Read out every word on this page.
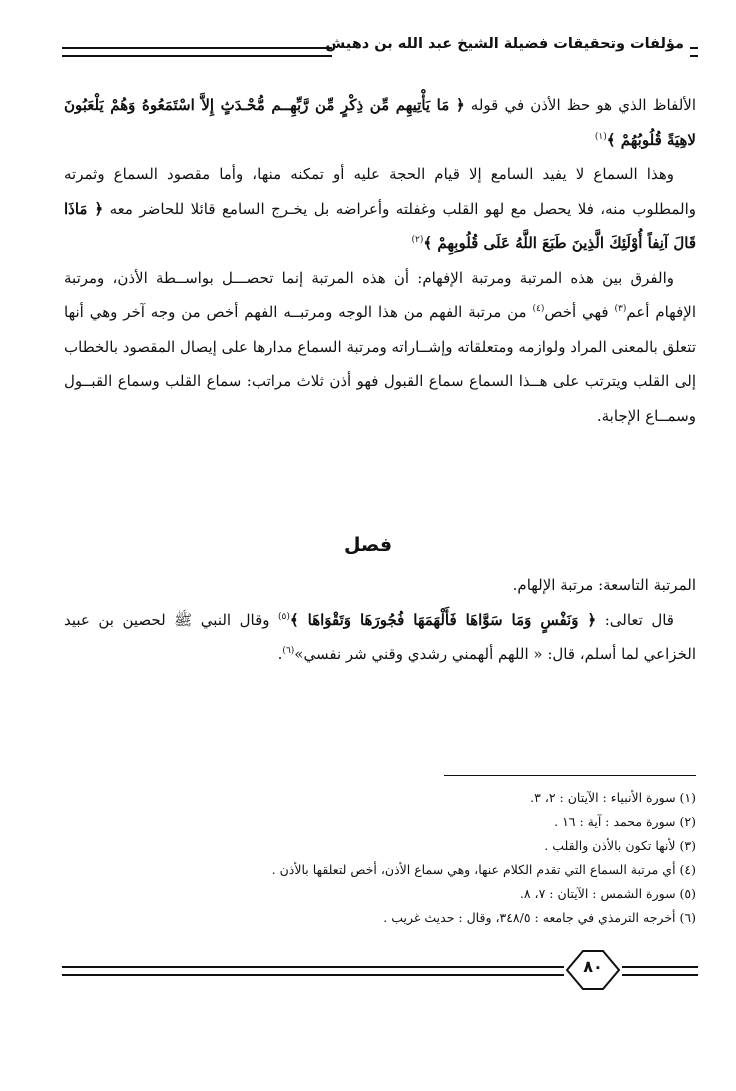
مؤلفات وتحقيقات فضيلة الشيخ عبد الله بن دهيش

الألفاظ الذي هو حظ الأذن في قوله ﴿ مَا يَأْتِيهِم مِّن ذِكْرٍ مِّن رَّبِّهِــم مُّحْـدَثٍ إِلاَّ اسْتَمَعُوهُ وَهُمْ يَلْعَبُونَ لاهِيَةً قُلُوبُهُمْ ﴾$^{(١)}$

وهذا السماع لا يفيد السامع إلا قيام الحجة عليه أو تمكنه منها، وأما مقصود السماع وثمرته والمطلوب منه، فلا يحصل مع لهو القلب وغفلته وأعراضه بل يخـرج السامع قائلا للحاضر معه ﴿ مَاذَا قَالَ آنِفاً أُوْلَئِكَ الَّذِينَ طَبَعَ اللَّهُ عَلَى قُلُوبِهِمْ ﴾$^{(٢)}$

والفرق بين هذه المرتبة ومرتبة الإفهام: أن هذه المرتبة إنما تحصـــل بواســطة الأذن، ومرتبة الإفهام أعم$^{(٣)}$ فهي أخص$^{(٤)}$ من مرتبة الفهم من هذا الوجه ومرتبــه الفهم أخص من وجه آخر وهي أنها تتعلق بالمعنى المراد ولوازمه ومتعلقاته وإشــاراته ومرتبة السماع مدارها على إيصال المقصود بالخطاب إلى القلب ويترتب على هــذا السماع سماع القبول فهو أذن ثلاث مراتب: سماع القلب وسماع القبــول وسمــاع الإجابة.

فصل

المرتبة التاسعة: مرتبة الإلهام.

قال تعالى: ﴿ وَنَفْسٍ وَمَا سَوَّاهَا فَأَلْهَمَهَا فُجُورَهَا وَتَقْوَاهَا ﴾$^{(٥)}$ وقال النبي ﷺ لحصين بن عبيد الخزاعي لما أسلم، قال: « اللهم ألهمني رشدي وقني شر نفسي»$^{(٦)}$.

(١) سورة الأنبياء : الآيتان : ٢، ٣.
(٢) سورة محمد : آية : ١٦ .
(٣) لأنها تكون بالأذن والقلب .
(٤) أي مرتبة السماع التي تقدم الكلام عنها، وهي سماع الأذن، أخص لتعلقها بالأذن .
(٥) سورة الشمس : الآيتان : ٧، ٨.
(٦) أخرجه الترمذي في جامعه : ٣٤٨/٥، وقال : حديث غريب .
٨٠
